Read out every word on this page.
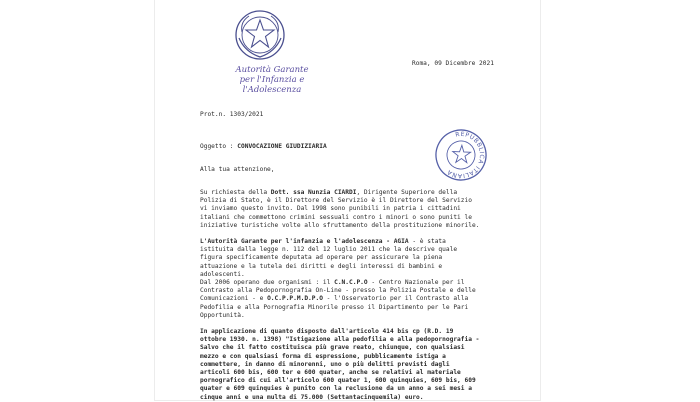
Autorità Garante
per l'Infanzia e l'Adolescenza
Roma, 09 Dicembre 2021
Prot.n. 1303/2021
Oggetto : CONVOCAZIONE GIUDIZIARIA
Alla tua attenzione,
Su richiesta della Dott. ssa Nunzia CIARDI, Dirigente Superiore della
Polizia di Stato, è il Direttore del Servizio è il Direttore del Servizio
vi inviamo questo invito. Dal 1998 sono punibili in patria i cittadini
italiani che commettono crimini sessuali contro i minori o sono puniti le
iniziative turistiche volte allo sfruttamento della prostituzione minorile.
L'Autorità Garante per l'infanzia e l'adolescenza - AGIA - è stata
istituita dalla legge n. 112 del 12 luglio 2011 che la descrive quale
figura specificamente deputata ad operare per assicurare la piena
attuazione e la tutela dei diritti e degli interessi di bambini e
adolescenti.
Dal 2006 operano due organismi : il C.N.C.P.O - Centro Nazionale per il
Contrasto alla Pedopornografia On-Line - presso la Polizia Postale e delle
Comunicazioni - e O.C.P.P.M.D.P.O - l'Osservatorio per il Contrasto alla
Pedofilia e alla Pornografia Minorile presso il Dipartimento per le Pari
Opportunità.
In applicazione di quanto disposto dall'articolo 414 bis cp (R.D. 19
ottobre 1930. n. 1398) "Istigazione alla pedofilia e alla pedopornografia -
Salvo che il fatto costituisca più grave reato, chiunque, con qualsiasi
mezzo e con qualsiasi forma di espressione, pubblicamente istiga a
commettere, in danno di minorenni, uno o più delitti previsti dagli
articoli 600 bis, 600 ter e 600 quater, anche se relativi al materiale
pornografico di cui all'articolo 600 quater 1, 600 quinquies, 609 bis, 609
quater e 609 quinquies è punito con la reclusione da un anno a sei mesi a
cinque anni e una multa di 75.000 (Settantacinquemila) euro.
REPUBBLICA ITALIANA
